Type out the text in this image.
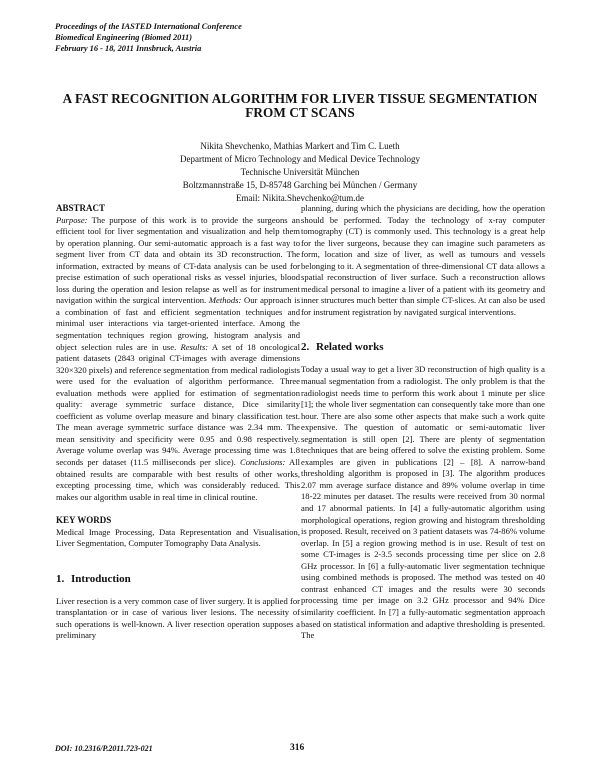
Proceedings of the IASTED International Conference
Biomedical Engineering (Biomed 2011)
February 16 - 18, 2011 Innsbruck, Austria
A FAST RECOGNITION ALGORITHM FOR LIVER TISSUE SEGMENTATION
FROM CT SCANS
Nikita Shevchenko, Mathias Markert and Tim C. Lueth
Department of Micro Technology and Medical Device Technology
Technische Universität München
Boltzmannstraße 15, D-85748 Garching bei München / Germany
Email: Nikita.Shevchenko@tum.de
ABSTRACT

Purpose: The purpose of this work is to provide the surgeons an efficient tool for liver segmentation and visualization and help them by operation planning. Our semi-automatic approach is a fast way to segment liver from CT data and obtain its 3D reconstruction. The information, extracted by means of CT-data analysis can be used for precise estimation of such operational risks as vessel injuries, blood loss during the operation and lesion relapse as well as for instrument navigation within the surgical intervention. Methods: Our approach is a combination of fast and efficient segmentation techniques and minimal user interactions via target-oriented interface. Among the segmentation techniques region growing, histogram analysis and object selection rules are in use. Results: A set of 18 oncological patient datasets (2843 original CT-images with average dimensions 320×320 pixels) and reference segmentation from medical radiologists were used for the evaluation of algorithm performance. Three evaluation methods were applied for estimation of segmentation quality: average symmetric surface distance, Dice similarity coefficient as volume overlap measure and binary classification test. The mean average symmetric surface distance was 2.34 mm. The mean sensitivity and specificity were 0.95 and 0.98 respectively. Average volume overlap was 94%. Average processing time was 1.8 seconds per dataset (11.5 milliseconds per slice). Conclusions: All obtained results are comparable with best results of other works, excepting processing time, which was considerably reduced. This makes our algorithm usable in real time in clinical routine.

KEY WORDS

Medical Image Processing, Data Representation and Visualisation, Liver Segmentation, Computer Tomography Data Analysis.

1. Introduction

Liver resection is a very common case of liver surgery. It is applied for transplantation or in case of various liver lesions. The necessity of such operations is well-known. A liver resection operation supposes a preliminary

planning, during which the physicians are deciding, how the operation should be performed. Today the technology of x-ray computer tomography (CT) is commonly used. This technology is a great help for the liver surgeons, because they can imagine such parameters as form, location and size of liver, as well as tumours and vessels belonging to it. A segmentation of three-dimensional CT data allows a spatial reconstruction of liver surface. Such a reconstruction allows medical personal to imagine a liver of a patient with its geometry and inner structures much better than simple CT-slices. At can also be used for instrument registration by navigated surgical interventions.

2. Related works

Today a usual way to get a liver 3D reconstruction of high quality is a manual segmentation from a radiologist. The only problem is that the radiologist needs time to perform this work about 1 minute per slice [1]; the whole liver segmentation can consequently take more than one hour. There are also some other aspects that make such a work quite expensive. The question of automatic or semi-automatic liver segmentation is still open [2]. There are plenty of segmentation techniques that are being offered to solve the existing problem. Some examples are given in publications [2] – [8]. A narrow-band thresholding algorithm is proposed in [3]. The algorithm produces 2.07 mm average surface distance and 89% volume overlap in time 18-22 minutes per dataset. The results were received from 30 normal and 17 abnormal patients. In [4] a fully-automatic algorithm using morphological operations, region growing and histogram thresholding is proposed. Result, received on 3 patient datasets was 74-86% volume overlap. In [5] a region growing method is in use. Result of test on some CT-images is 2-3.5 seconds processing time per slice on 2.8 GHz processor. In [6] a fully-automatic liver segmentation technique using combined methods is proposed. The method was tested on 40 contrast enhanced CT images and the results were 30 seconds processing time per image on 3.2 GHz processor and 94% Dice similarity coefficient. In [7] a fully-automatic segmentation approach based on statistical information and adaptive thresholding is presented. The

DOI: 10.2316/P.2011.723-021	316
